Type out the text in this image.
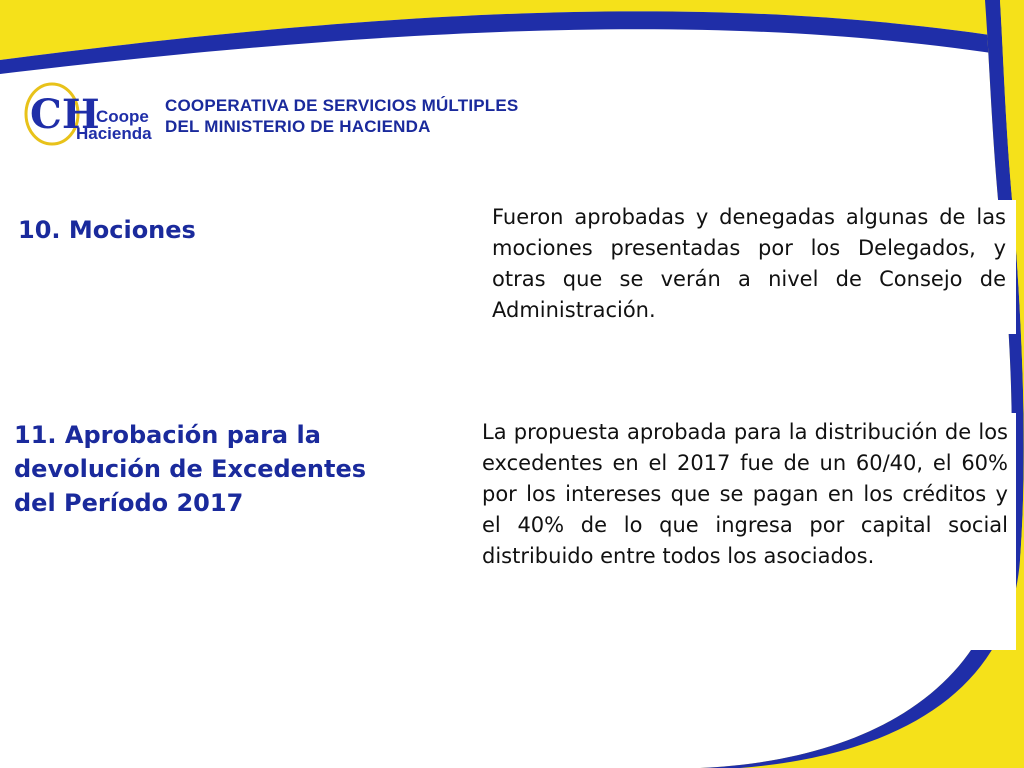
CH
Coope
Hacienda
COOPERATIVA DE SERVICIOS MÚLTIPLES
DEL MINISTERIO DE HACIENDA
10. Mociones	Fueron aprobadas y denegadas algunas de las mociones presentadas por los Delegados, y otras que se verán a nivel de Consejo de Administración.

11. Aprobación para la
devolución de Excedentes
del Período 2017

La propuesta aprobada para la distribución de los excedentes en el 2017 fue de un 60/40, el 60% por los intereses que se pagan en los créditos y el 40% de lo que ingresa por capital social distribuido entre todos los asociados.
